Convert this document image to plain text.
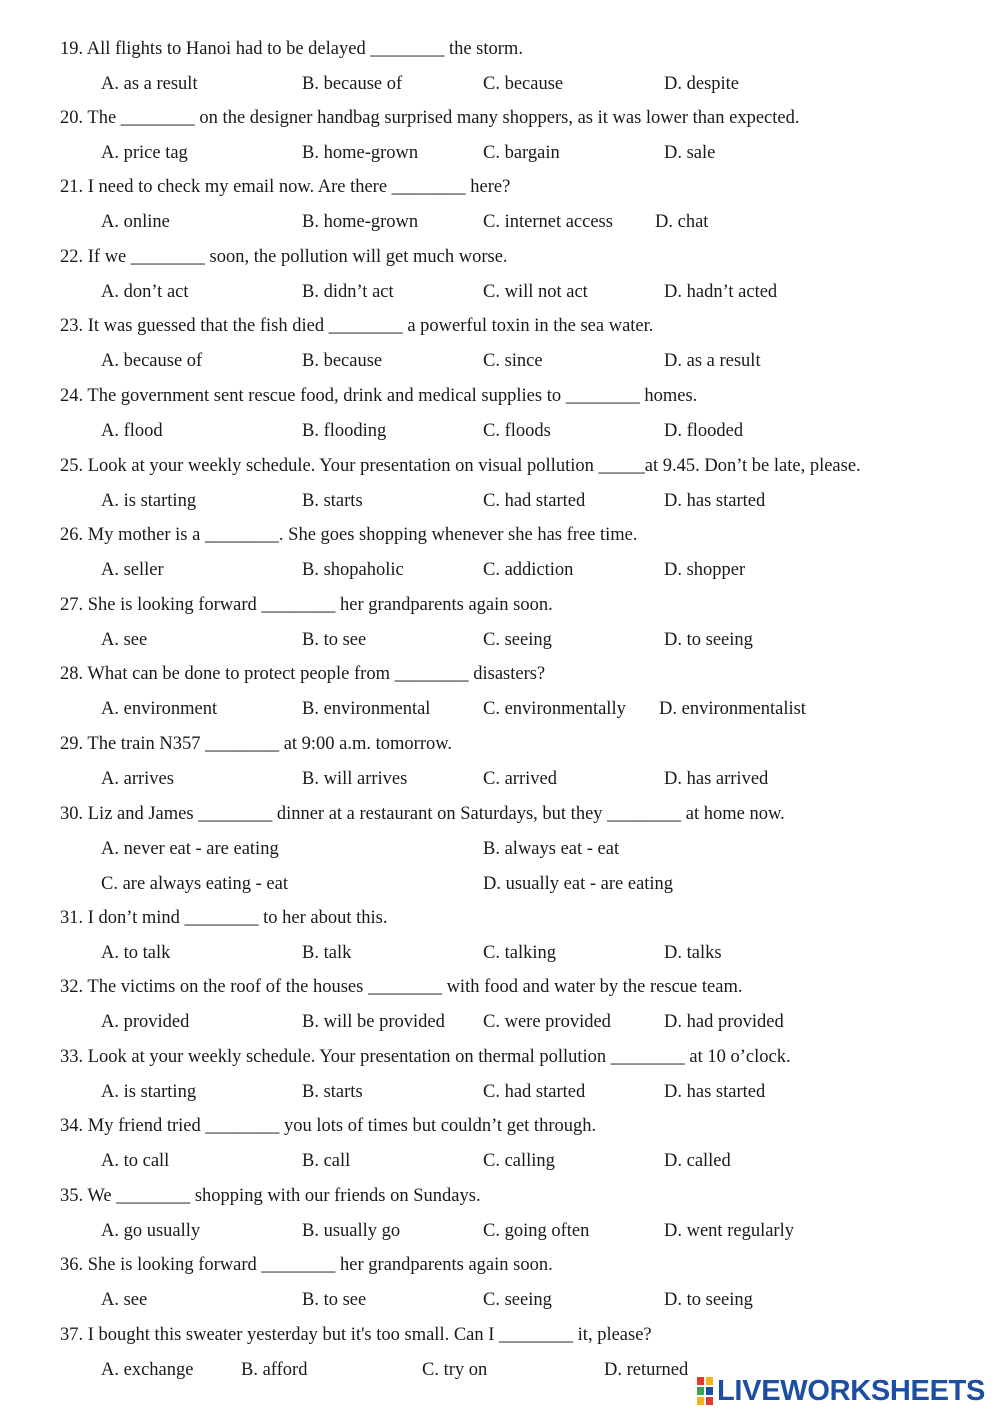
19. All flights to Hanoi had to be delayed ________ the storm.
A. as a result	B. because of	C. because	D. despite
20. The ________ on the designer handbag surprised many shoppers, as it was lower than expected.
A. price tag	B. home-grown	C. bargain	D. sale
21. I need to check my email now. Are there ________ here?
A. online	B. home-grown	C. internet access D. chat
22. If we ________ soon, the pollution will get much worse.
A. don’t act	B. didn’t act	C. will not act	D. hadn’t acted
23. It was guessed that the fish died ________ a powerful toxin in the sea water.
A. because of	B. because	C. since	D. as a result
24. The government sent rescue food, drink and medical supplies to ________ homes.
A. flood	B. flooding	C. floods	D. flooded
25. Look at your weekly schedule. Your presentation on visual pollution _____at 9.45. Don’t be late, please.
A. is starting	B. starts	C. had started	D. has started
26. My mother is a ________. She goes shopping whenever she has free time.
A. seller	B. shopaholic	C. addiction	D. shopper
27. She is looking forward ________ her grandparents again soon.
A. see	B. to see	C. seeing	D. to seeing
28. What can be done to protect people from ________ disasters?
A. environment	B. environmental	C. environmentally D. environmentalist
29. The train N357 ________ at 9:00 a.m. tomorrow.
A. arrives	B. will arrives	C. arrived	D. has arrived
30. Liz and James ________ dinner at a restaurant on Saturdays, but they ________ at home now.
A. never eat - are eating	B. always eat - eat
C. are always eating - eat	D. usually eat - are eating
31. I don’t mind ________ to her about this.
A. to talk	B. talk	C. talking	D. talks
32. The victims on the roof of the houses ________ with food and water by the rescue team.
A. provided	B. will be provided C. were provided	D. had provided
33. Look at your weekly schedule. Your presentation on thermal pollution ________ at 10 o’clock.
A. is starting	B. starts	C. had started	D. has started
34. My friend tried ________ you lots of times but couldn’t get through.
A. to call	B. call	C. calling	D. called
35. We ________ shopping with our friends on Sundays.
A. go usually	B. usually go	C. going often	D. went regularly
36. She is looking forward ________ her grandparents again soon.
A. see	B. to see	C. seeing	D. to seeing
37. I bought this sweater yesterday but it's too small. Can I ________ it, please?
A. exchange	B. afford	C. try on	D. returned
LIVEWORKSHEETS
